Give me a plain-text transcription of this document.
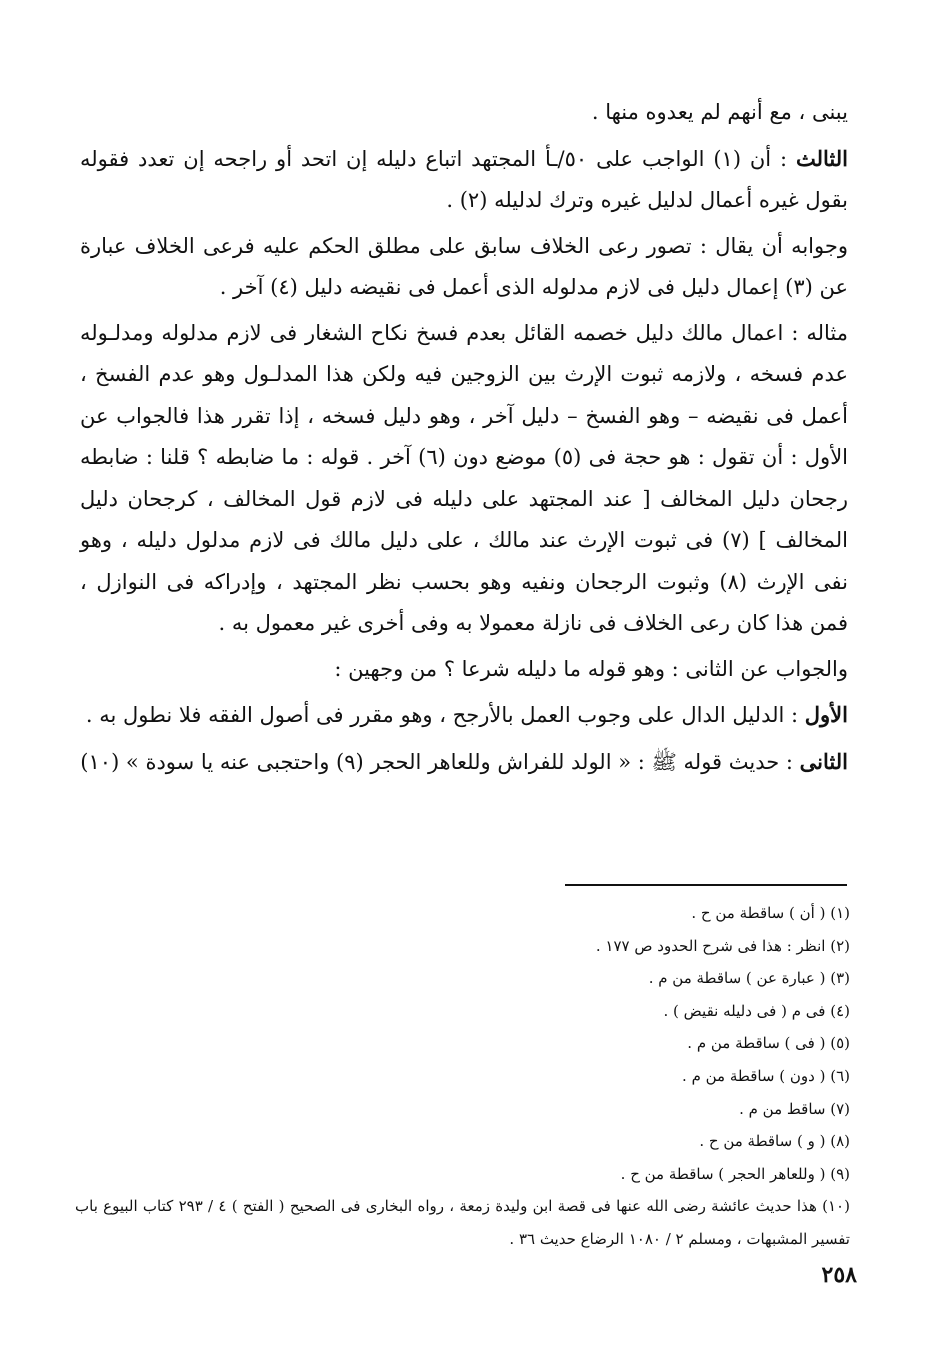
يبنى ، مع أنهم لم يعدوه منها .

الثالث : أن (١) الواجب على ٥٠/ـأ المجتهد اتباع دليله إن اتحد أو راجحه إن تعدد فقوله بقول غيره أعمال لدليل غيره وترك لدليله (٢) .

وجوابه أن يقال : تصور رعى الخلاف سابق على مطلق الحكم عليه فرعى الخلاف عبارة عن (٣) إعمال دليل فى لازم مدلوله الذى أعمل فى نقيضه دليل (٤) آخر .

مثاله : اعمال مالك دليل خصمه القائل بعدم فسخ نكاح الشغار فى لازم مدلوله ومدلـوله عدم فسخه ، ولازمه ثبوت الإرث بين الزوجين فيه ولكن هذا المدلـول وهو عدم الفسخ ، أعمل فى نقيضه – وهو الفسخ – دليل آخر ، وهو دليل فسخه ، إذا تقرر هذا فالجواب عن الأول : أن تقول : هو حجة فى (٥) موضع دون (٦) آخر . قوله : ما ضابطه ؟ قلنا : ضابطه رجحان دليل المخالف [ عند المجتهد على دليله فى لازم قول المخالف ، كرجحان دليل المخالف ] (٧) فى ثبوت الإرث عند مالك ، على دليل مالك فى لازم مدلول دليله ، وهو نفى الإرث (٨) وثبوت الرجحان ونفيه وهو بحسب نظر المجتهد ، وإدراكه فى النوازل ، فمن هذا كان رعى الخلاف فى نازلة معمولا به وفى أخرى غير معمول به .

والجواب عن الثانى : وهو قوله ما دليله شرعا ؟ من وجهين :

الأول : الدليل الدال على وجوب العمل بالأرجح ، وهو مقرر فى أصول الفقه فلا نطول به .

الثانى : حديث قوله ﷺ : « الولد للفراش وللعاهر الحجر (٩) واحتجبى عنه يا سودة » (١٠)

(١) ( أن ) ساقطة من ح .
(٢) انظر : هذا فى شرح الحدود ص ١٧٧ .
(٣) ( عبارة عن ) ساقطة من م .
(٤) فى م ( فى دليله نقيض ) .
(٥) ( فى ) ساقطة من م .
(٦) ( دون ) ساقطة من م .
(٧) ساقط من م .
(٨) ( و ) ساقطة من ح .
(٩) ( وللعاهر الحجر ) ساقطة من ح .
(١٠) هذا حديث عائشة رضى الله عنها فى قصة ابن وليدة زمعة ، رواه البخارى فى الصحيح ( الفتح ) ٤ / ٢٩٣ كتاب البيوع باب تفسير المشبهات ، ومسلم ٢ / ١٠٨٠ الرضاع حديث ٣٦ .
٢٥٨
